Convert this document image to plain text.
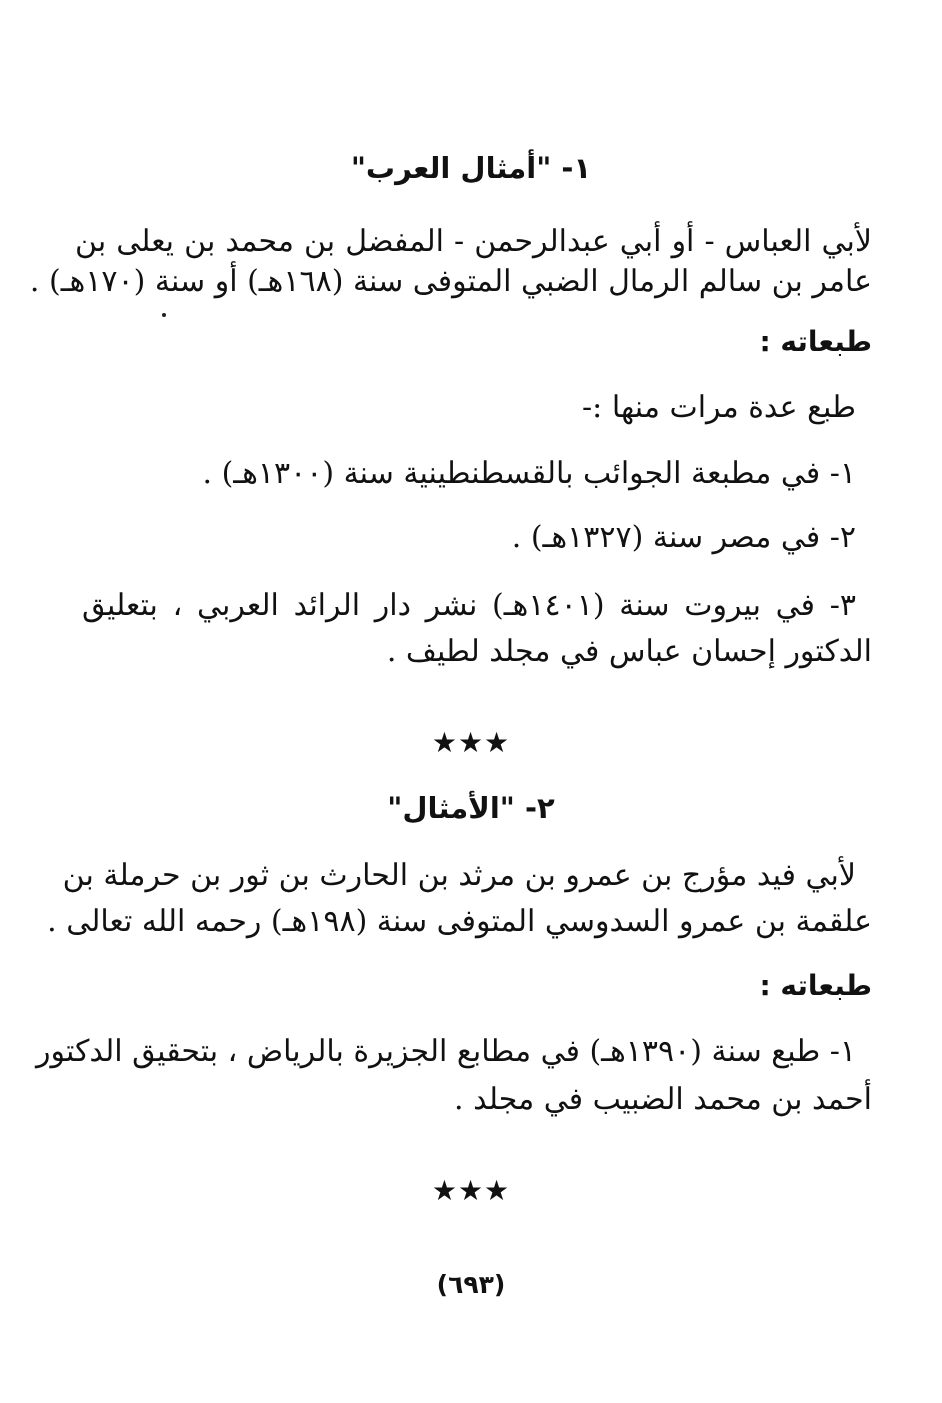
١- "أمثال العرب"
لأبي العباس - أو أبي عبدالرحمن - المفضل بن محمد بن يعلى بن
عامر بن سالم الرمال الضبي المتوفى سنة (١٦٨هـ) أو سنة (١٧٠هـ) .
طبعاته :
طبع عدة مرات منها :-
١- في مطبعة الجوائب بالقسطنطينية سنة (١٣٠٠هـ) .
٢- في مصر سنة (١٣٢٧هـ) .
٣- في بيروت سنة (١٤٠١هـ) نشر دار الرائد العربي ، بتعليق
الدكتور إحسان عباس في مجلد لطيف .
★★★
٢- "الأمثال"
لأبي فيد مؤرج بن عمرو بن مرثد بن الحارث بن ثور بن حرملة بن
علقمة بن عمرو السدوسي المتوفى سنة (١٩٨هـ) رحمه الله تعالى .
طبعاته :
١- طبع سنة (١٣٩٠هـ) في مطابع الجزيرة بالرياض ، بتحقيق الدكتور
أحمد بن محمد الضبيب في مجلد .
★★★
(٦٩٣)
